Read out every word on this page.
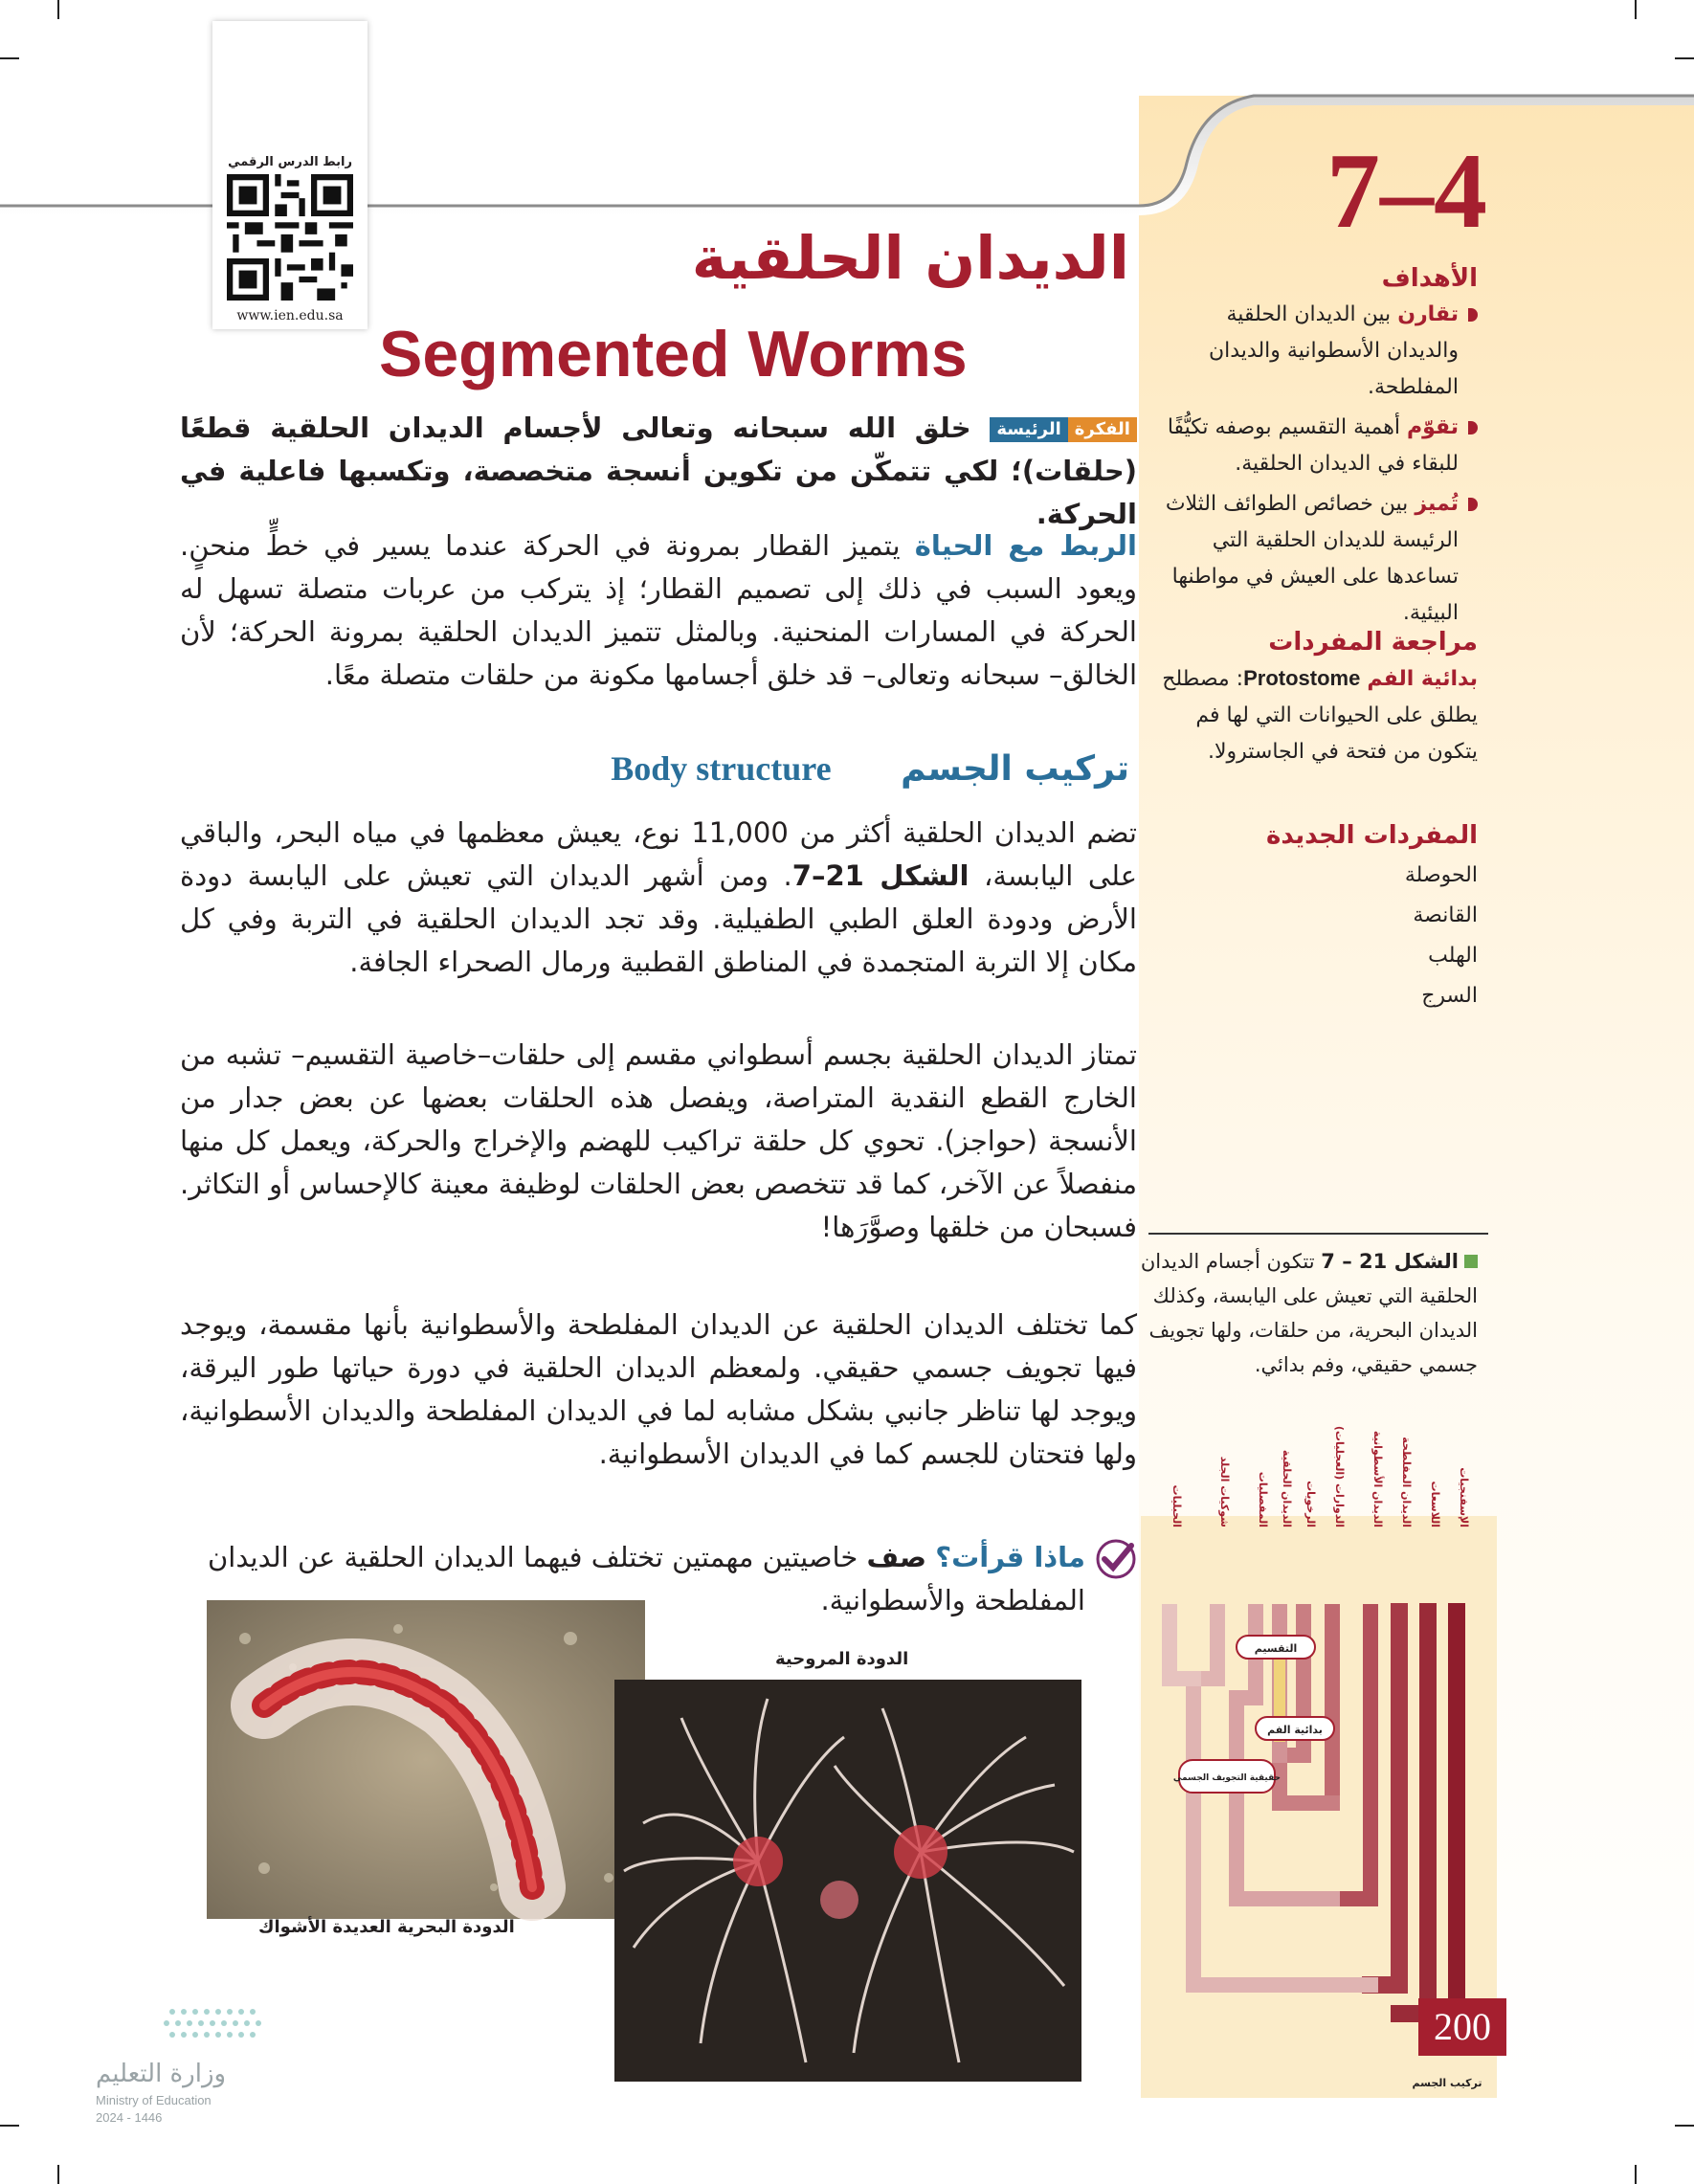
رابط الدرس الرقمي
www.ien.edu.sa
7–4
الديدان الحلقية
Segmented Worms

الفكرةالرئيسة خلق الله سبحانه وتعالى لأجسام الديدان الحلقية قطعًا (حلقات)؛ لكي تتمكّن من تكوين أنسجة متخصصة، وتكسبها فاعلية في الحركة.

الربط مع الحياة يتميز القطار بمرونة في الحركة عندما يسير في خطٍّ منحنٍ. ويعود السبب في ذلك إلى تصميم القطار؛ إذ يتركب من عربات متصلة تسهل له الحركة في المسارات المنحنية. وبالمثل تتميز الديدان الحلقية بمرونة الحركة؛ لأن الخالق– سبحانه وتعالى– قد خلق أجسامها مكونة من حلقات متصلة معًا.

تركيب الجسم Body structure

تضم الديدان الحلقية أكثر من 11,000 نوع، يعيش معظمها في مياه البحر، والباقي على اليابسة، الشكل 21–7. ومن أشهر الديدان التي تعيش على اليابسة دودة الأرض ودودة العلق الطبي الطفيلية. وقد تجد الديدان الحلقية في التربة وفي كل مكان إلا التربة المتجمدة في المناطق القطبية ورمال الصحراء الجافة.

تمتاز الديدان الحلقية بجسم أسطواني مقسم إلى حلقات–خاصية التقسيم– تشبه من الخارج القطع النقدية المتراصة، ويفصل هذه الحلقات بعضها عن بعض جدار من الأنسجة (حواجز). تحوي كل حلقة تراكيب للهضم والإخراج والحركة، ويعمل كل منها منفصلاً عن الآخر، كما قد تتخصص بعض الحلقات لوظيفة معينة كالإحساس أو التكاثر. فسبحان من خلقها وصوَّرَها!

كما تختلف الديدان الحلقية عن الديدان المفلطحة والأسطوانية بأنها مقسمة، ويوجد فيها تجويف جسمي حقيقي. ولمعظم الديدان الحلقية في دورة حياتها طور اليرقة، ويوجد لها تناظر جانبي بشكل مشابه لما في الديدان المفلطحة والديدان الأسطوانية، ولها فتحتان للجسم كما في الديدان الأسطوانية.

ماذا قرأت؟ صف خاصيتين مهمتين تختلف فيهما الديدان الحلقية عن الديدان المفلطحة والأسطوانية.

الدودة البحرية العديدة الأشواك
الدودة المروحية
الأهداف
تقارن بين الديدان الحلقية والديدان الأسطوانية والديدان المفلطحة.
تقوّم أهمية التقسيم بوصفه تكيُّفًا للبقاء في الديدان الحلقية.
تُميز بين خصائص الطوائف الثلاث الرئيسة للديدان الحلقية التي تساعدها على العيش في مواطنها البيئية.
مراجعة المفردات
بدائية الفم Protostome: مصطلح يطلق على الحيوانات التي لها فم يتكون من فتحة في الجاسترولا.
المفردات الجديدة
الحوصلة
القانصة
الهلب
السرج
الشكل 21 – 7 تتكون أجسام الديدان الحلقية التي تعيش على اليابسة، وكذلك الديدان البحرية، من حلقات، ولها تجويف جسمي حقيقي، وفم بدائي.
الإسفنجيات
اللاسعات
الديدان المفلطحة
الديدان الأسطوانية
الدوارات (العجليات)
الرخويات
الديدان الحلقية
المفصليات
شوكيات الجلد
الحبليات
التقسيم
بدائية الفم
حقيقية التجويف الجسمي
تركيب الجسم
200
وزارة التعليم
Ministry of Education
2024 - 1446
